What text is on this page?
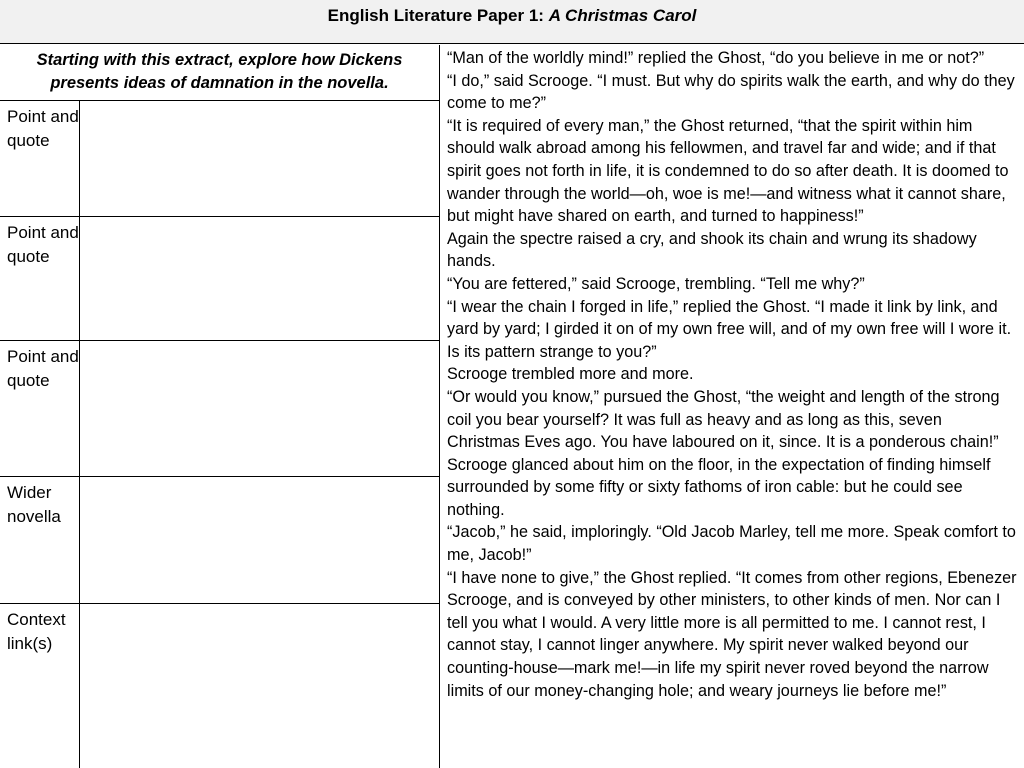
English Literature Paper 1: A Christmas Carol
Starting with this extract, explore how Dickens presents ideas of damnation in the novella.
Point and quote
Point and quote
Point and quote
Wider novella
Context link(s)

“Man of the worldly mind!” replied the Ghost, “do you believe in me or not?”

“I do,” said Scrooge. “I must. But why do spirits walk the earth, and why do they come to me?”

“It is required of every man,” the Ghost returned, “that the spirit within him should walk abroad among his fellowmen, and travel far and wide; and if that spirit goes not forth in life, it is condemned to do so after death. It is doomed to wander through the world—oh, woe is me!—and witness what it cannot share, but might have shared on earth, and turned to happiness!”

Again the spectre raised a cry, and shook its chain and wrung its shadowy hands.

“You are fettered,” said Scrooge, trembling. “Tell me why?”

“I wear the chain I forged in life,” replied the Ghost. “I made it link by link, and yard by yard; I girded it on of my own free will, and of my own free will I wore it. Is its pattern strange to you?”

Scrooge trembled more and more.

“Or would you know,” pursued the Ghost, “the weight and length of the strong coil you bear yourself? It was full as heavy and as long as this, seven Christmas Eves ago. You have laboured on it, since. It is a ponderous chain!”

Scrooge glanced about him on the floor, in the expectation of finding himself surrounded by some fifty or sixty fathoms of iron cable: but he could see nothing.

“Jacob,” he said, imploringly. “Old Jacob Marley, tell me more. Speak comfort to me, Jacob!”

“I have none to give,” the Ghost replied. “It comes from other regions, Ebenezer Scrooge, and is conveyed by other ministers, to other kinds of men. Nor can I tell you what I would. A very little more is all permitted to me. I cannot rest, I cannot stay, I cannot linger anywhere. My spirit never walked beyond our counting-house—mark me!—in life my spirit never roved beyond the narrow limits of our money-changing hole; and weary journeys lie before me!”
